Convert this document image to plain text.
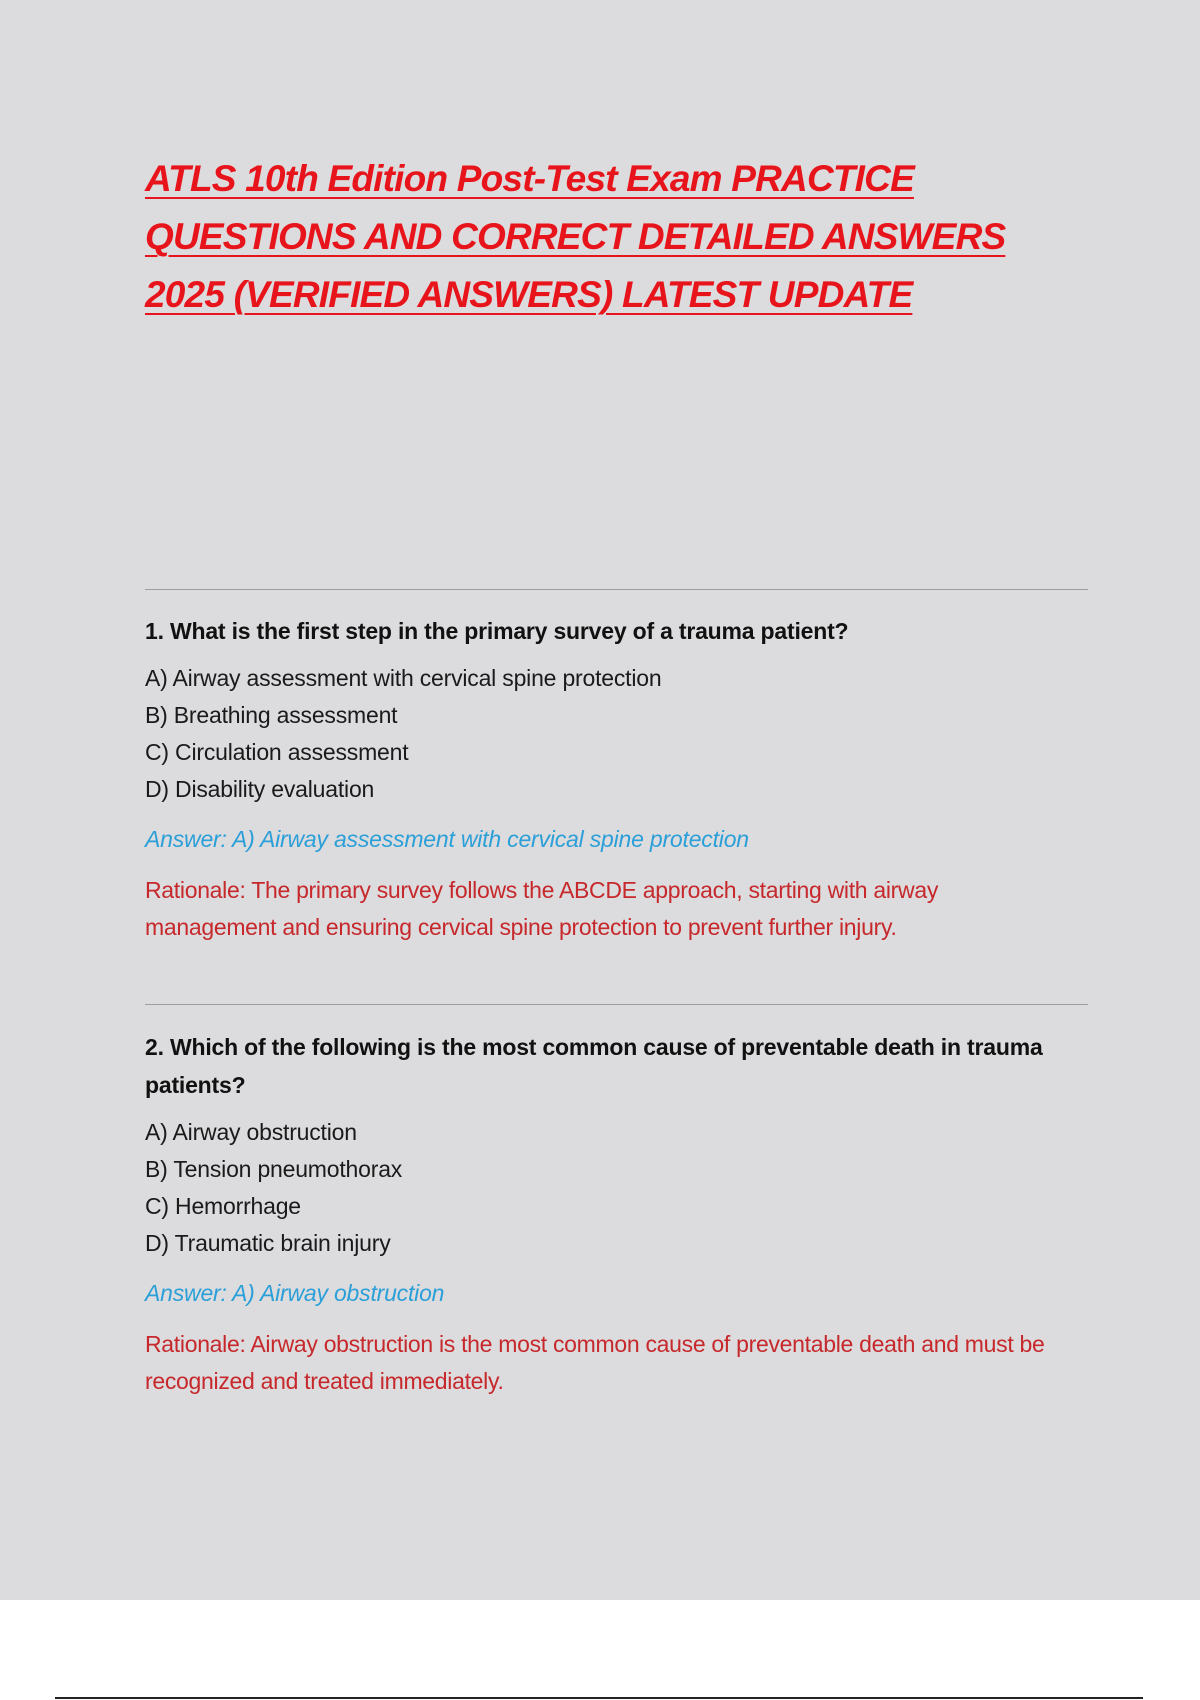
ATLS 10th Edition Post-Test Exam PRACTICE
QUESTIONS AND CORRECT DETAILED ANSWERS
2025 (VERIFIED ANSWERS) LATEST UPDATE

1. What is the first step in the primary survey of a trauma patient?

A) Airway assessment with cervical spine protection
B) Breathing assessment
C) Circulation assessment
D) Disability evaluation

Answer: A) Airway assessment with cervical spine protection

Rationale: The primary survey follows the ABCDE approach, starting with airway management and ensuring cervical spine protection to prevent further injury.

2. Which of the following is the most common cause of preventable death in trauma patients?

A) Airway obstruction
B) Tension pneumothorax
C) Hemorrhage
D) Traumatic brain injury

Answer: A) Airway obstruction

Rationale: Airway obstruction is the most common cause of preventable death and must be recognized and treated immediately.
